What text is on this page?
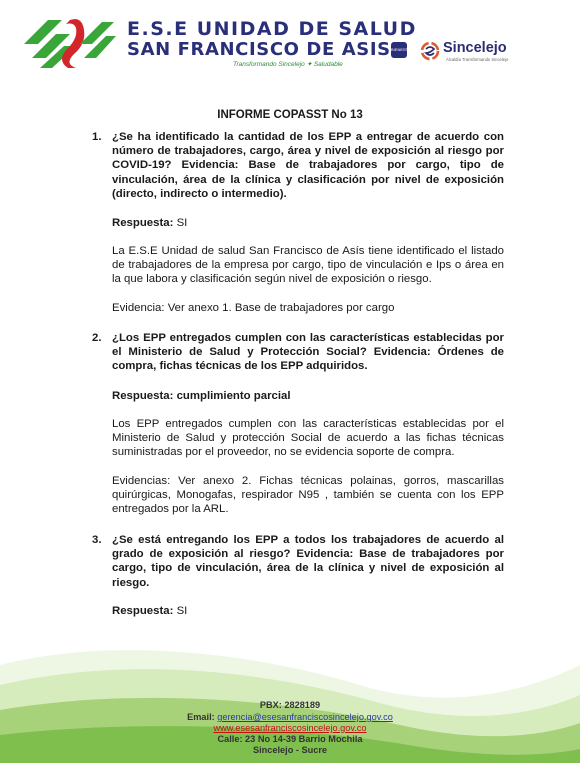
E.S.E UNIDAD DE SALUD
SAN FRANCISCO DE ASIS
Transformando Sincelejo ✦ Saludable
BIENESTAR Sincelejo
Alcaldía Transformando Sincelejo
INFORME COPASST No 13
1. ¿Se ha identificado la cantidad de los EPP a entregar de acuerdo con número de trabajadores, cargo, área y nivel de exposición al riesgo por COVID-19? Evidencia: Base de trabajadores por cargo, tipo de vinculación, área de la clínica y clasificación por nivel de exposición (directo, indirecto o intermedio).
Respuesta: SI
La E.S.E Unidad de salud San Francisco de Asís tiene identificado el listado de trabajadores de la empresa por cargo, tipo de vinculación e Ips o área en la que labora y clasificación según nivel de exposición o riesgo.
Evidencia: Ver anexo 1. Base de trabajadores por cargo
2. ¿Los EPP entregados cumplen con las características establecidas por el Ministerio de Salud y Protección Social? Evidencia: Órdenes de compra, fichas técnicas de los EPP adquiridos.
Respuesta: cumplimiento parcial
Los EPP entregados cumplen con las características establecidas por el Ministerio de Salud y protección Social de acuerdo a las fichas técnicas suministradas por el proveedor, no se evidencia soporte de compra.
Evidencias: Ver anexo 2. Fichas técnicas polainas, gorros, mascarillas quirúrgicas, Monogafas, respirador N95 , también se cuenta con los EPP entregados por la ARL.
3. ¿Se está entregando los EPP a todos los trabajadores de acuerdo al grado de exposición al riesgo? Evidencia: Base de trabajadores por cargo, tipo de vinculación, área de la clínica y nivel de exposición al riesgo.
Respuesta: SI
PBX: 2828189
Email: gerencia@esesanfranciscosincelejo.gov.co
www.esesanfranciscosincelejo.gov.co
Calle: 23 No 14-39 Barrio Mochila
Sincelejo - Sucre
